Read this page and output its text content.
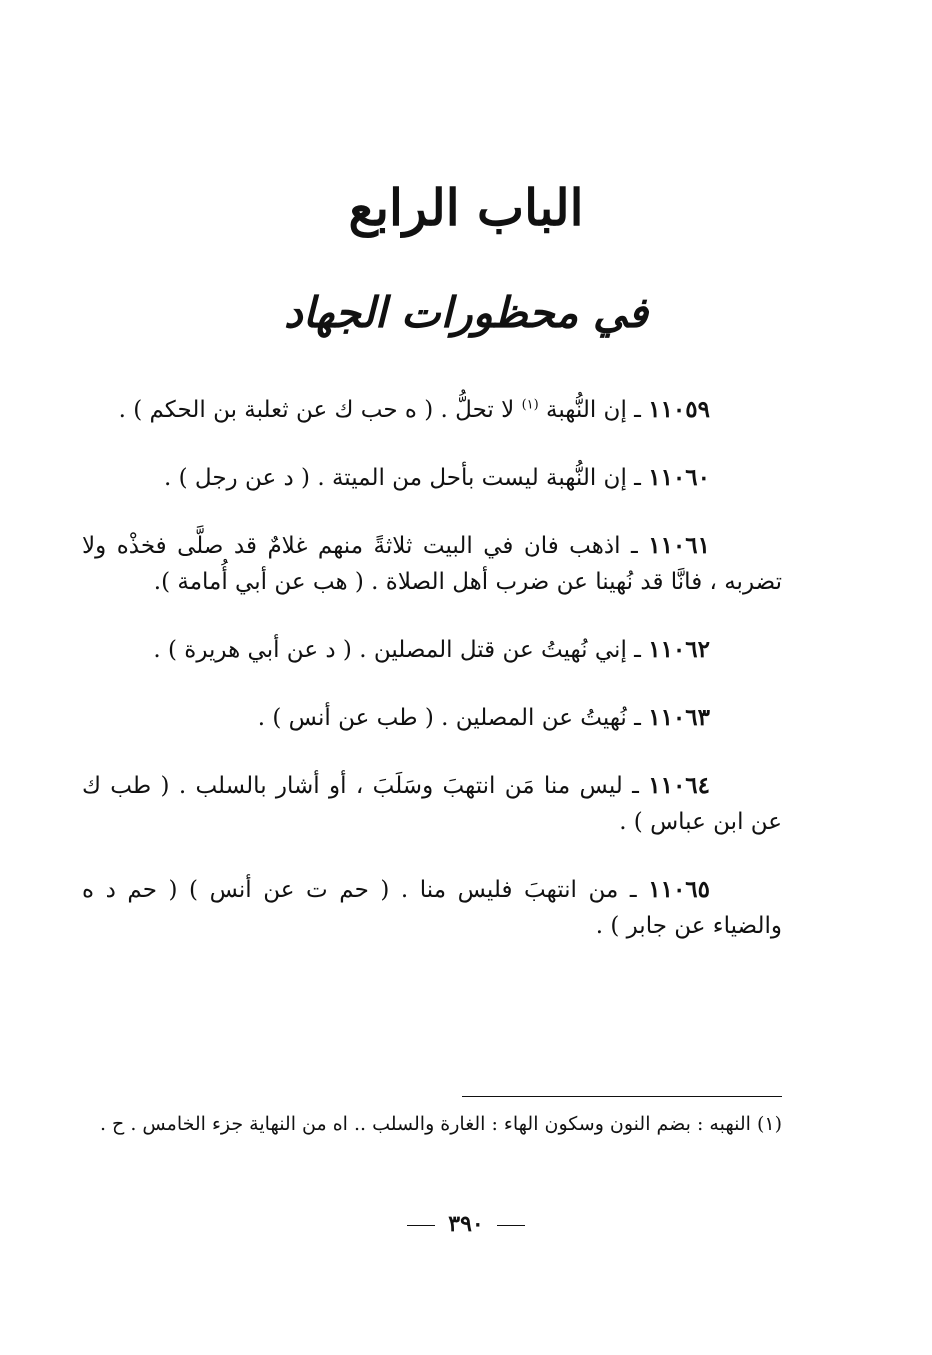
الباب الرابع
في محظورات الجهاد

١١٠٥٩ ـ إن النُّهبة $^{(١)}$ لا تحلُّ . ( ه حب ك عن ثعلبة بن الحكم ) .

١١٠٦٠ ـ إن النُّهبة ليست بأحل من الميتة . ( د عن رجل ) .

١١٠٦١ ـ اذهب فان في البيت ثلاثةً منهم غلامٌ قد صلَّى فخذْه ولا تضربه ، فانَّا قد نُهينا عن ضرب أهل الصلاة . ( هب عن أبي أُمامة ).

١١٠٦٢ ـ إني نُهيتُ عن قتل المصلين . ( د عن أبي هريرة ) .

١١٠٦٣ ـ نُهيتُ عن المصلين . ( طب عن أنس ) .

١١٠٦٤ ـ ليس منا مَن انتهبَ وسَلَبَ ، أو أشار بالسلب . ( طب ك عن ابن عباس ) .

١١٠٦٥ ـ من انتهبَ فليس منا . ( حم ت عن أنس ) ( حم د ه والضياء عن جابر ) .

(١) النهبه : بضم النون وسكون الهاء : الغارة والسلب .. اه من النهاية جزء الخامس . ح .

٣٩٠
